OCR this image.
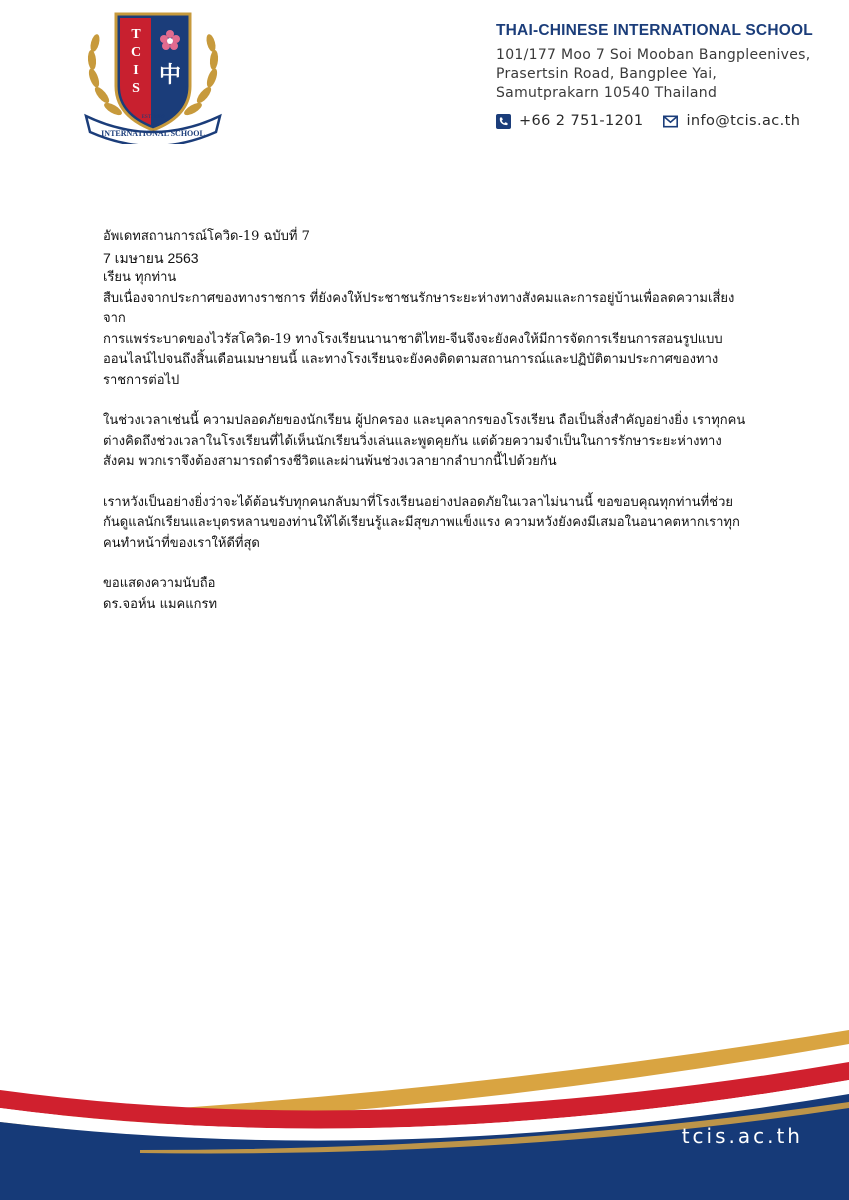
T
C
I
S
中
EST. 1999
INTERNATIONAL SCHOOL
THAI-CHINESE INTERNATIONAL SCHOOL
101/177 Moo 7 Soi Mooban Bangpleenives,
Prasertsin Road, Bangplee Yai,
Samutprakarn 10540 Thailand
+66 2 751-1201	info@tcis.ac.th

อัพเดทสถานการณ์โควิด-19 ฉบับที่ 7

7 เมษายน 2563

เรียน ทุกท่าน

สืบเนื่องจากประกาศของทางราชการ ที่ยังคงให้ประชาชนรักษาระยะห่างทางสังคมและการอยู่บ้านเพื่อลดความเสี่ยงจาก

การแพร่ระบาดของไวรัสโควิด-19 ทางโรงเรียนนานาชาติไทย-จีนจึงจะยังคงให้มีการจัดการเรียนการสอนรูปแบบ

ออนไลน์ไปจนถึงสิ้นเดือนเมษายนนี้ และทางโรงเรียนจะยังคงติดตามสถานการณ์และปฏิบัติตามประกาศของทาง

ราชการต่อไป

ในช่วงเวลาเช่นนี้ ความปลอดภัยของนักเรียน ผู้ปกครอง และบุคลากรของโรงเรียน ถือเป็นสิ่งสำคัญอย่างยิ่ง เราทุกคน

ต่างคิดถึงช่วงเวลาในโรงเรียนที่ได้เห็นนักเรียนวิ่งเล่นและพูดคุยกัน แต่ด้วยความจำเป็นในการรักษาระยะห่างทาง

สังคม พวกเราจึงต้องสามารถดำรงชีวิตและผ่านพ้นช่วงเวลายากลำบากนี้ไปด้วยกัน

เราหวังเป็นอย่างยิ่งว่าจะได้ต้อนรับทุกคนกลับมาที่โรงเรียนอย่างปลอดภัยในเวลาไม่นานนี้ ขอขอบคุณทุกท่านที่ช่วย

กันดูแลนักเรียนและบุตรหลานของท่านให้ได้เรียนรู้และมีสุขภาพแข็งแรง ความหวังยังคงมีเสมอในอนาคตหากเราทุก

คนทำหน้าที่ของเราให้ดีที่สุด

ขอแสดงความนับถือ

ดร.จอห์น แมคแกรท

tcis.ac.th
